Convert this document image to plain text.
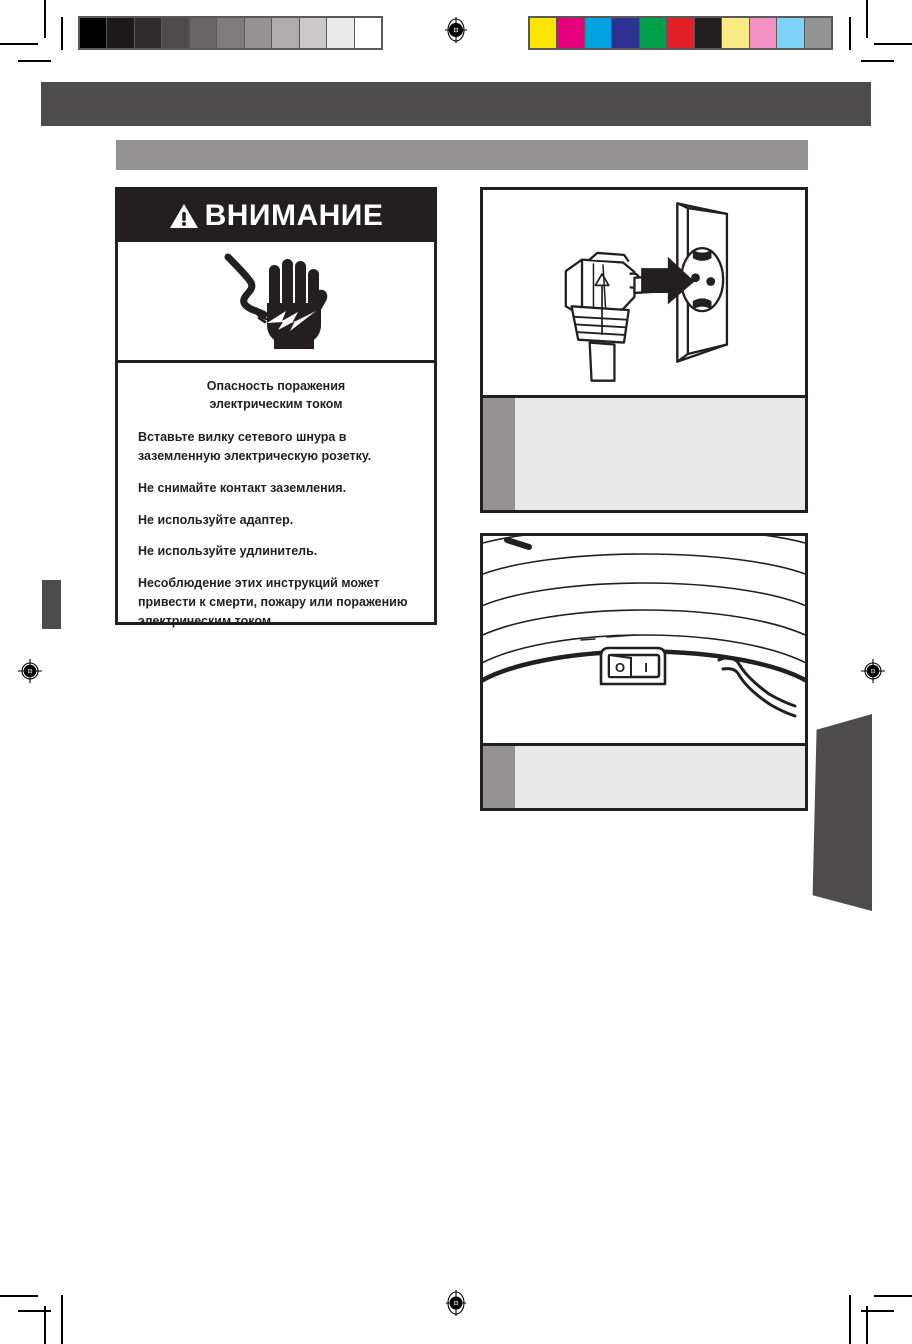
ВНИМАНИЕ
Опасность поражения
электрическим током
Вставьте вилку сетевого шнура в заземленную электрическую розетку.
Не снимайте контакт заземления.
Не используйте адаптер.
Не используйте удлинитель.
Несоблюдение этих инструкций может привести к смерти, пожару или поражению электрическим током.
O I
